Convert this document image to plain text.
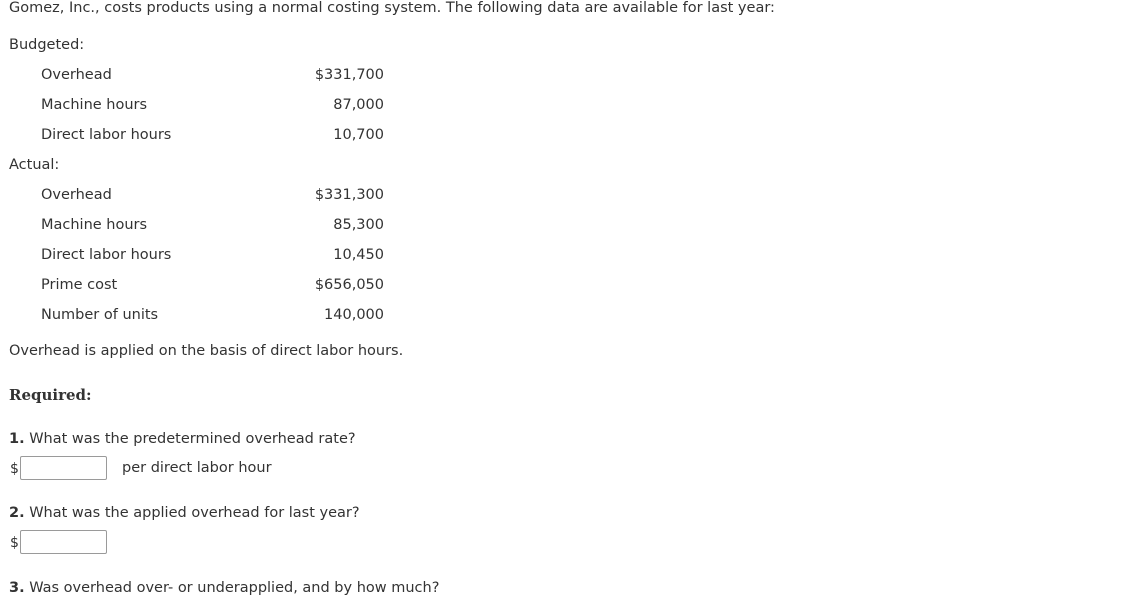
Gomez, Inc., costs products using a normal costing system. The following data are available for last year:
Budgeted:
Overhead	$331,700
Machine hours	87,000
Direct labor hours	10,700
Actual:
Overhead	$331,300
Machine hours	85,300
Direct labor hours	10,450
Prime cost	$656,050
Number of units	140,000
Overhead is applied on the basis of direct labor hours.
Required:
1. What was the predetermined overhead rate?
$	per direct labor hour
2. What was the applied overhead for last year?
$
3. Was overhead over- or underapplied, and by how much?
